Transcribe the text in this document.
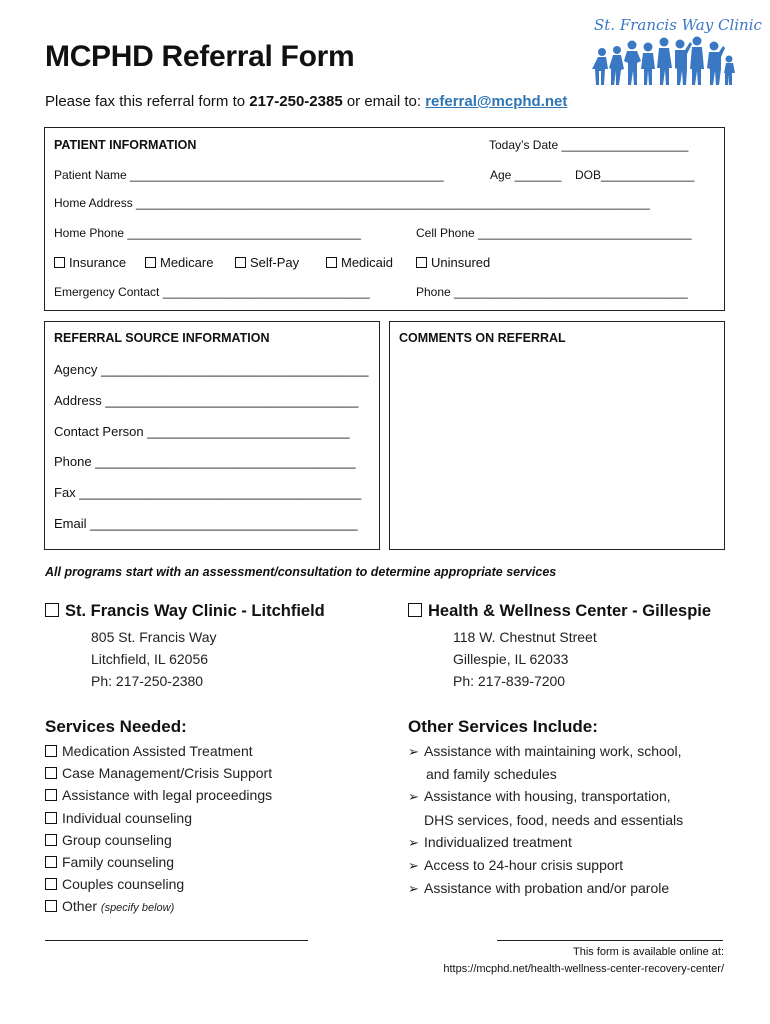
MCPHD Referral Form
Please fax this referral form to 217-250-2385 or email to: referral@mcphd.net
St. Francis Way Clinic
PATIENT INFORMATION	Today’s Date ___________________
Patient Name _______________________________________________	Age _______ DOB______________
Home Address _____________________________________________________________________________
Home Phone ___________________________________	Cell Phone ________________________________
Insurance	Medicare	Self-Pay	Medicaid	Uninsured
Emergency Contact _______________________________	Phone ___________________________________
REFERRAL SOURCE INFORMATION
Agency _____________________________________
Address ___________________________________
Contact Person ____________________________
Phone ____________________________________
Fax _______________________________________
Email _____________________________________
COMMENTS ON REFERRAL
All programs start with an assessment/consultation to determine appropriate services
St. Francis Way Clinic - Litchfield
805 St. Francis Way
Litchfield, IL 62056
Ph: 217-250-2380
Health & Wellness Center - Gillespie
118 W. Chestnut Street
Gillespie, IL 62033
Ph: 217-839-7200
Services Needed:
Medication Assisted Treatment
Case Management/Crisis Support
Assistance with legal proceedings
Individual counseling
Group counseling
Family counseling
Couples counseling
Other (specify below)
Other Services Include:
➢ Assistance with maintaining work, school,
and family schedules
➢ Assistance with housing, transportation,
DHS services, food, needs and essentials
➢ Individualized treatment
➢ Access to 24-hour crisis support
➢ Assistance with probation and/or parole
This form is available online at:
https://mcphd.net/health-wellness-center-recovery-center/
